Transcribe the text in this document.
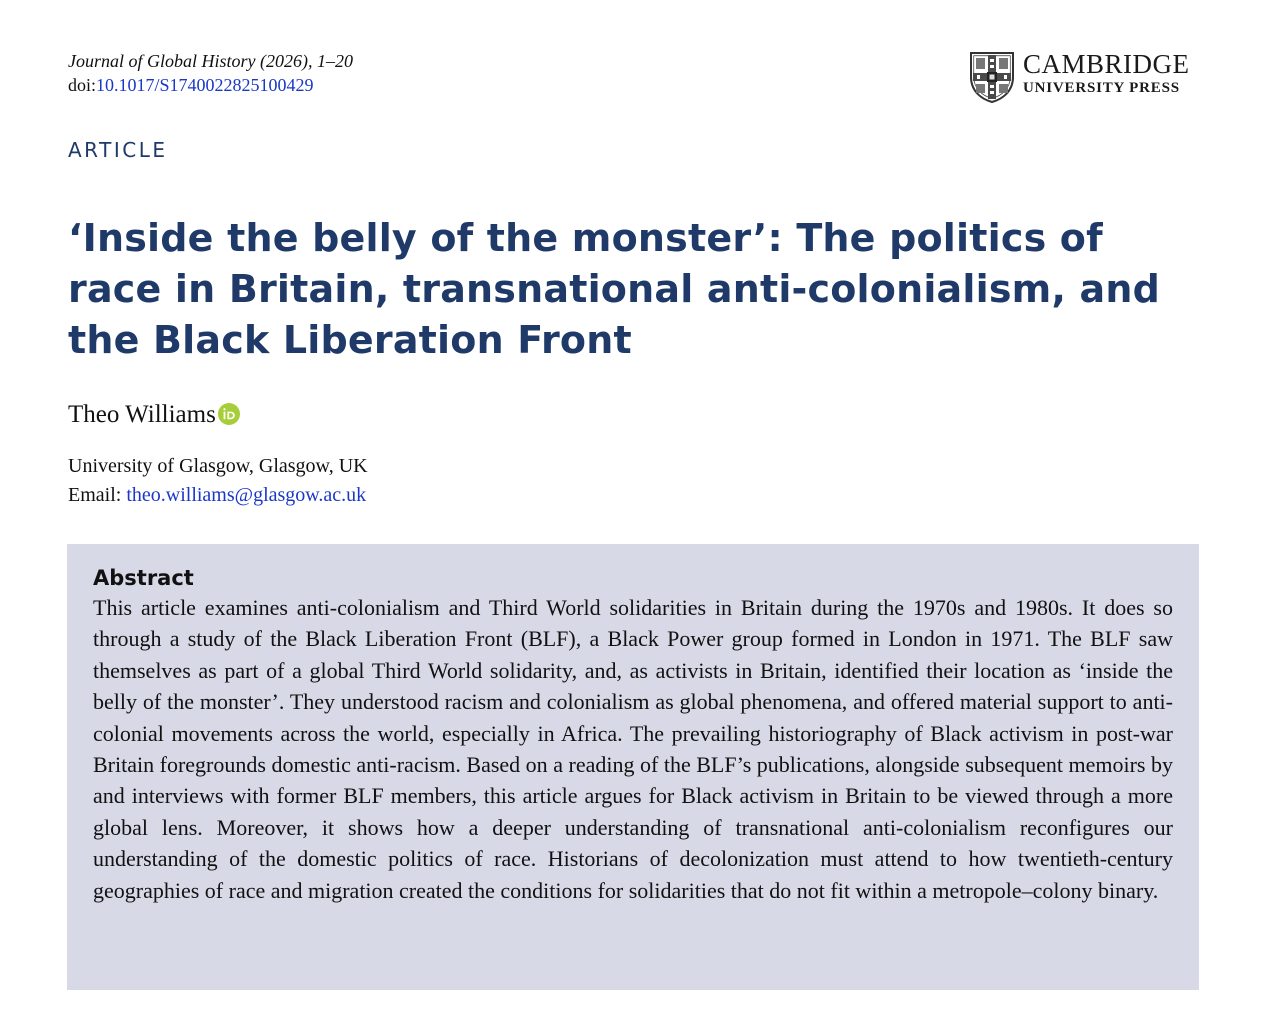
Journal of Global History (2026), 1–20
doi:10.1017/S1740022825100429
CAMBRIDGE
UNIVERSITY PRESS
ARTICLE
‘Inside the belly of the monster’: The politics of race in Britain, transnational anti-colonialism, and the Black Liberation Front
Theo Williams
University of Glasgow, Glasgow, UK
Email: theo.williams@glasgow.ac.uk
Abstract

This article examines anti-colonialism and Third World solidarities in Britain during the 1970s and 1980s. It does so through a study of the Black Liberation Front (BLF), a Black Power group formed in London in 1971. The BLF saw themselves as part of a global Third World solidarity, and, as activists in Britain, identified their location as ‘inside the belly of the monster’. They understood racism and colonialism as global phenomena, and offered material support to anti-colonial movements across the world, especially in Africa. The prevailing historiography of Black activism in post-war Britain foregrounds domestic anti-racism. Based on a reading of the BLF’s publications, alongside subsequent memoirs by and interviews with former BLF members, this article argues for Black activism in Britain to be viewed through a more global lens. Moreover, it shows how a deeper understanding of transnational anti-colonialism reconfigures our understanding of the domestic politics of race. Historians of decolonization must attend to how twentieth-century geographies of race and migration created the conditions for solidarities that do not fit within a metropole–colony binary.
